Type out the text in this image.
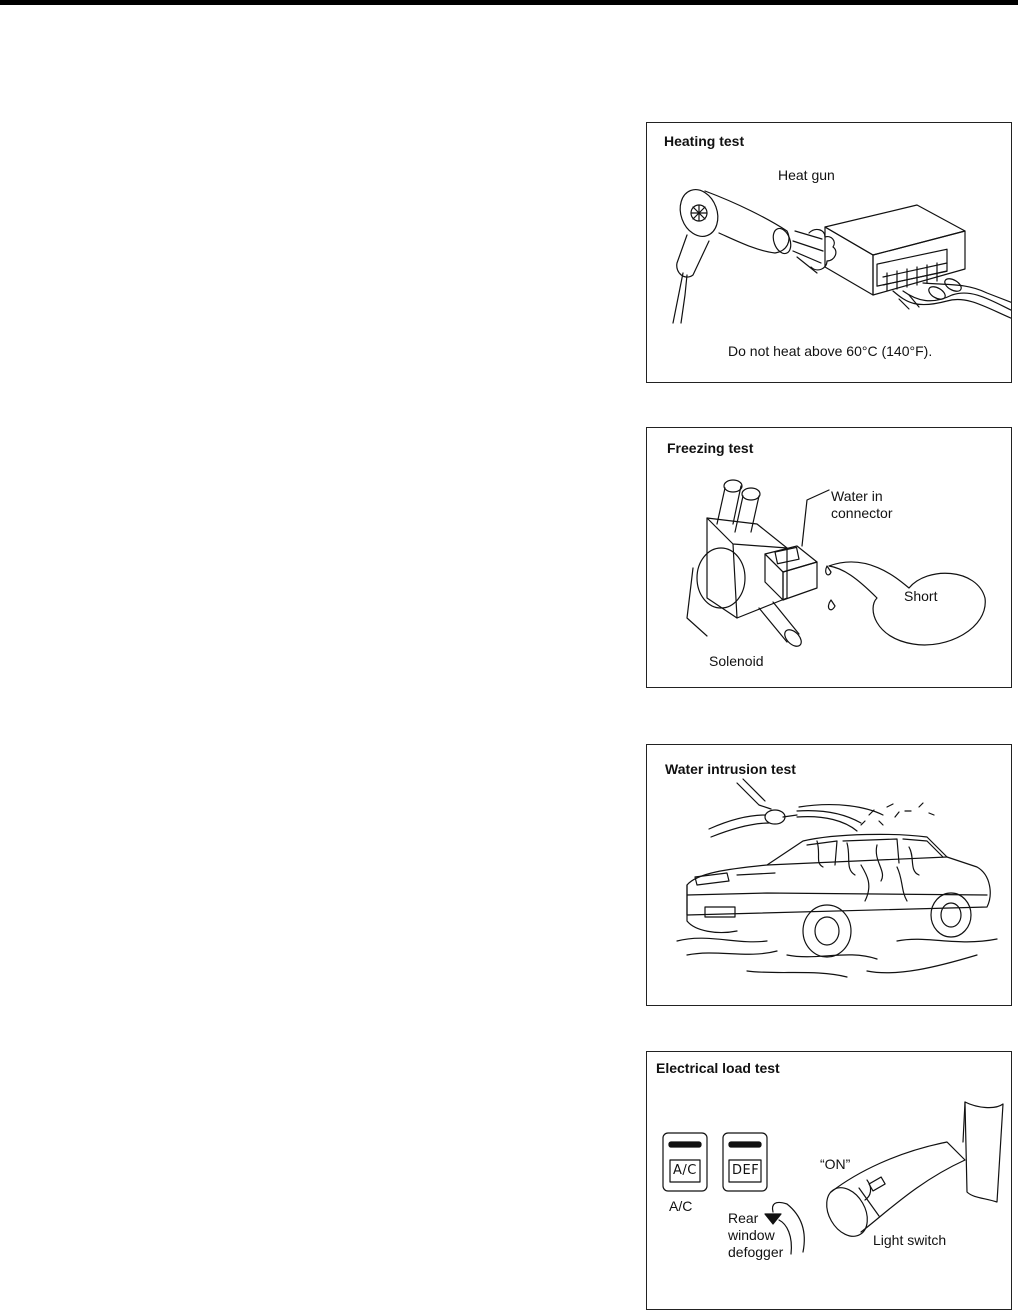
Heating test
Heat gun
Do not heat above 60°C (140°F).
Freezing test
Water in
connector
Short
Solenoid
Water intrusion test
Electrical load test
A/C	DEF
A/C
“ON”
Rear
window
defogger
Light switch
